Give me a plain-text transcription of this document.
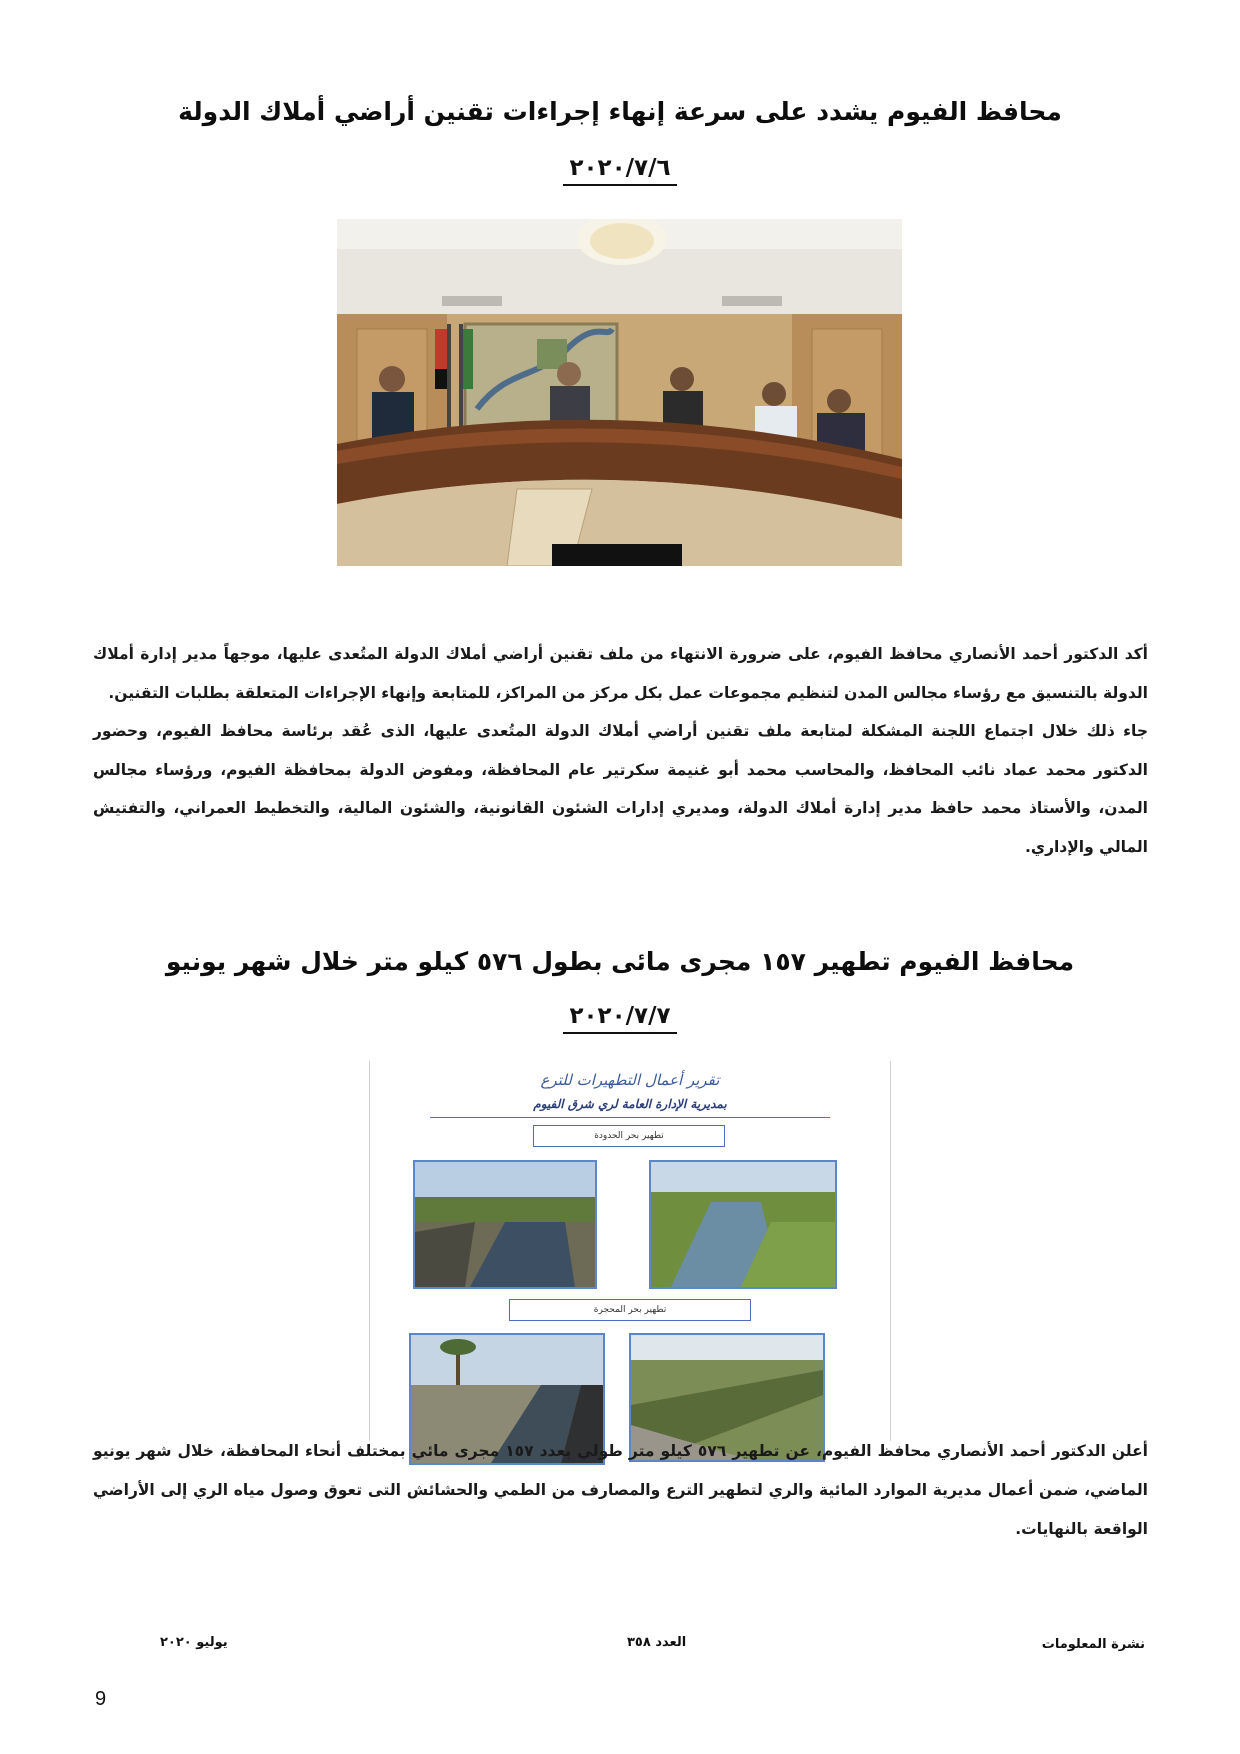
محافظ الفيوم يشدد على سرعة إنهاء إجراءات تقنين أراضي أملاك الدولة
٢٠٢٠/٧/٦

أكد الدكتور أحمد الأنصاري محافظ الفيوم، على ضرورة الانتهاء من ملف تقنين أراضي أملاك الدولة المتُعدى عليها، موجهاً مدير إدارة أملاك الدولة بالتنسيق مع رؤساء مجالس المدن لتنظيم مجموعات عمل بكل مركز من المراكز، للمتابعة وإنهاء الإجراءات المتعلقة بطلبات التقنين.

جاء ذلك خلال اجتماع اللجنة المشكلة لمتابعة ملف تقنين أراضي أملاك الدولة المتُعدى عليها، الذى عُقد برئاسة محافظ الفيوم، وحضور الدكتور محمد عماد نائب المحافظ، والمحاسب محمد أبو غنيمة سكرتير عام المحافظة، ومفوض الدولة بمحافظة الفيوم، ورؤساء مجالس المدن، والأستاذ محمد حافظ مدير إدارة أملاك الدولة، ومديري إدارات الشئون القانونية، والشئون المالية، والتخطيط العمراني، والتفتيش المالي والإداري.

محافظ الفيوم تطهير ١٥٧ مجرى مائى بطول ٥٧٦ كيلو متر خلال شهر يونيو
٢٠٢٠/٧/٧
تقرير أعمال التطهيرات للترع
بمديرية الإدارة العامة لري شرق الفيوم
تطهير بحر الحدودة
تطهير بحر المحجرة

أعلن الدكتور أحمد الأنصاري محافظ الفيوم، عن تطهير ٥٧٦ كيلو متر طولي بعدد ١٥٧ مجرى مائي بمختلف أنحاء المحافظة، خلال شهر يونيو الماضي، ضمن أعمال مديرية الموارد المائية والري لتطهير الترع والمصارف من الطمي والحشائش التى تعوق وصول مياه الري إلى الأراضي الواقعة بالنهايات.

نشرة المعلومات
العدد ٣٥٨
يوليو ٢٠٢٠
9
